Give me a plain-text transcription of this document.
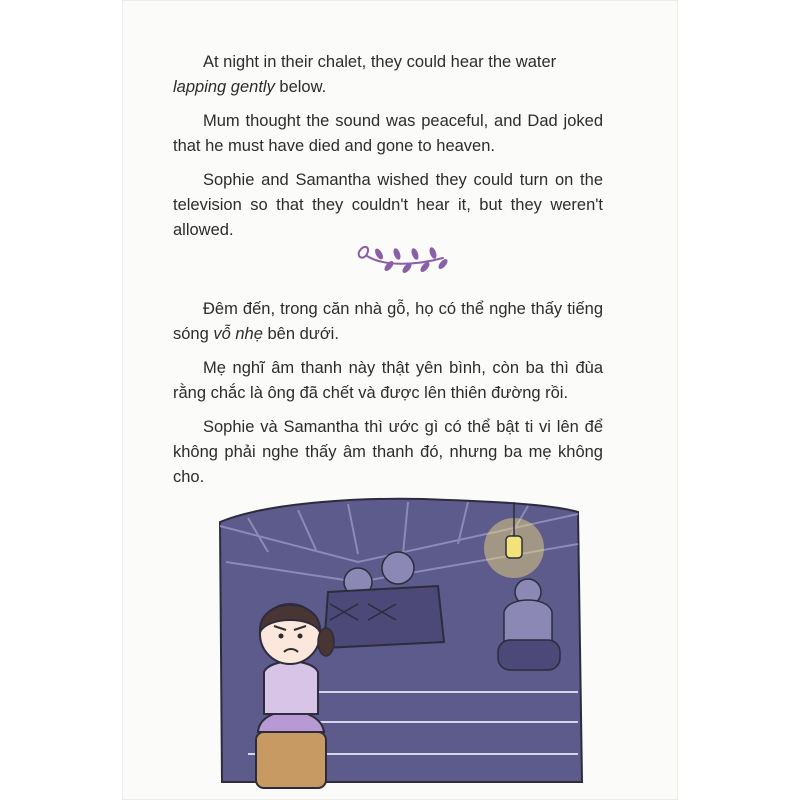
At night in their chalet, they could hear the water
lapping gently below.

Mum thought the sound was peaceful, and Dad joked that he must have died and gone to heaven.

Sophie and Samantha wished they could turn on the television so that they couldn't hear it, but they weren't allowed.

Đêm đến, trong căn nhà gỗ, họ có thể nghe thấy tiếng sóng vỗ nhẹ bên dưới.

Mẹ nghĩ âm thanh này thật yên bình, còn ba thì đùa rằng chắc là ông đã chết và được lên thiên đường rồi.

Sophie và Samantha thì ước gì có thể bật ti vi lên để không phải nghe thấy âm thanh đó, nhưng ba mẹ không cho.
